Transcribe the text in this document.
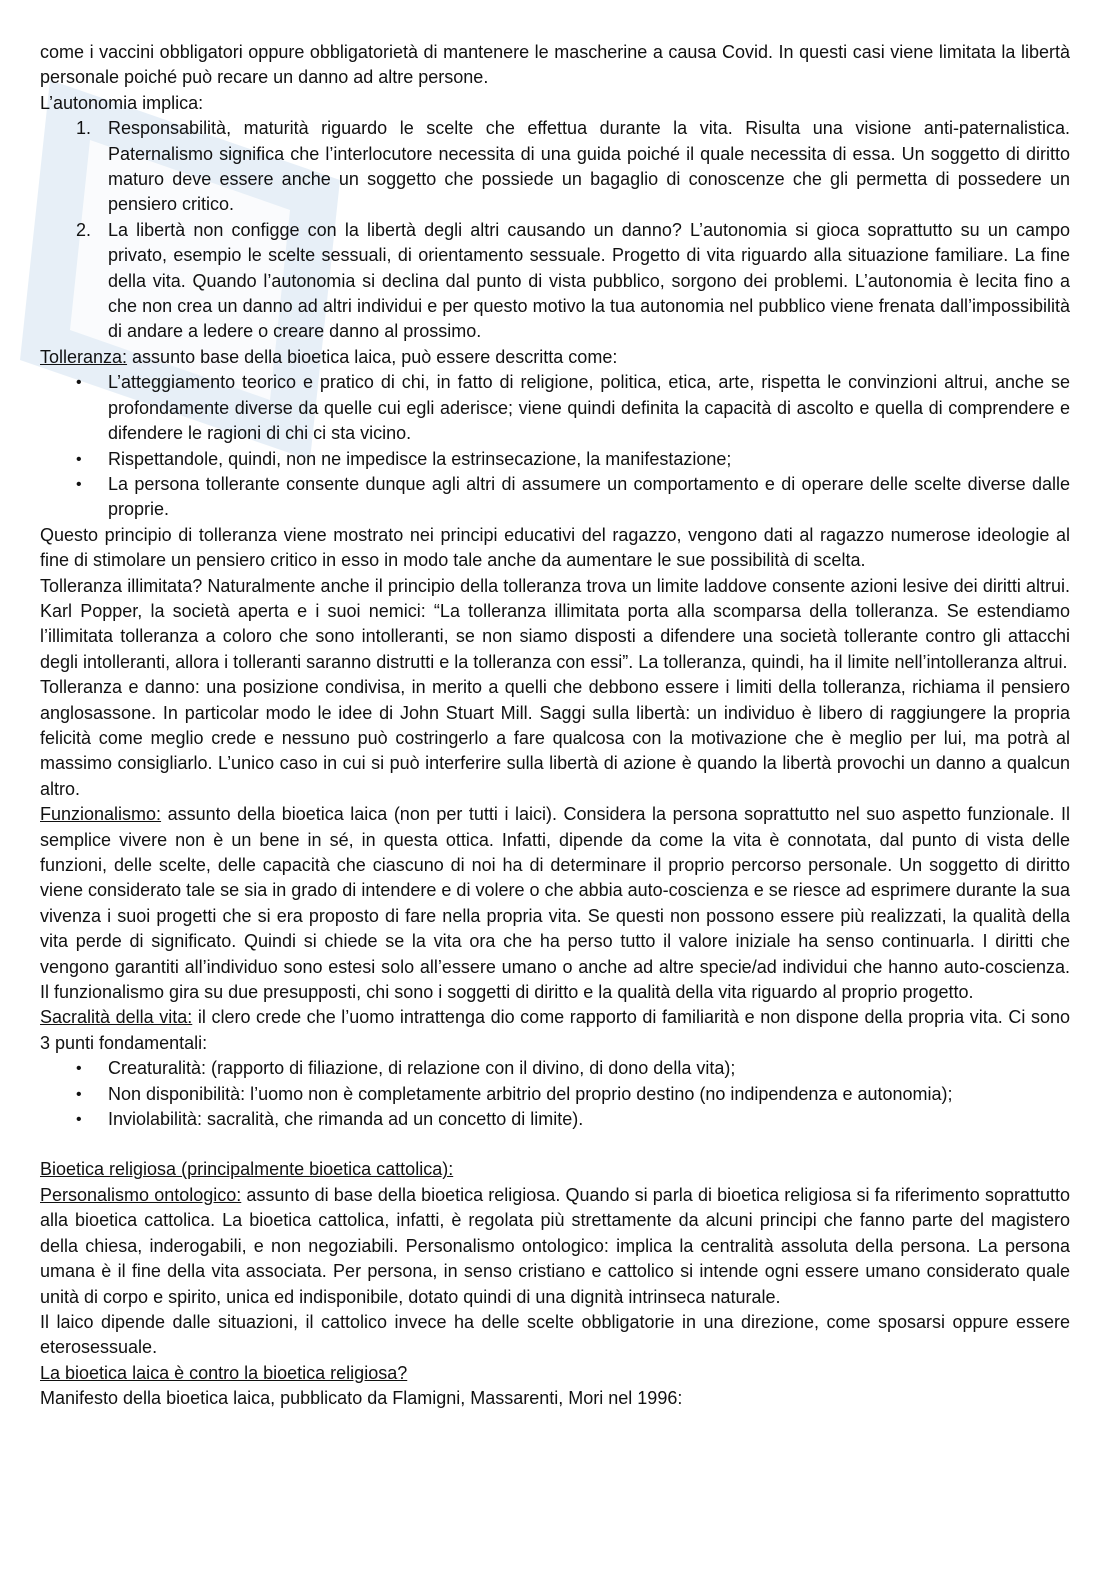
come i vaccini obbligatori oppure obbligatorietà di mantenere le mascherine a causa Covid. In questi casi viene limitata la libertà personale poiché può recare un danno ad altre persone.

L’autonomia implica:

1. Responsabilità, maturità riguardo le scelte che effettua durante la vita. Risulta una visione anti-paternalistica. Paternalismo significa che l’interlocutore necessita di una guida poiché il quale necessita di essa. Un soggetto di diritto maturo deve essere anche un soggetto che possiede un bagaglio di conoscenze che gli permetta di possedere un pensiero critico.
2. La libertà non configge con la libertà degli altri causando un danno? L’autonomia si gioca soprattutto su un campo privato, esempio le scelte sessuali, di orientamento sessuale. Progetto di vita riguardo alla situazione familiare. La fine della vita. Quando l’autonomia si declina dal punto di vista pubblico, sorgono dei problemi. L’autonomia è lecita fino a che non crea un danno ad altri individui e per questo motivo la tua autonomia nel pubblico viene frenata dall’impossibilità di andare a ledere o creare danno al prossimo.

Tolleranza: assunto base della bioetica laica, può essere descritta come:

• L’atteggiamento teorico e pratico di chi, in fatto di religione, politica, etica, arte, rispetta le convinzioni altrui, anche se profondamente diverse da quelle cui egli aderisce; viene quindi definita la capacità di ascolto e quella di comprendere e difendere le ragioni di chi ci sta vicino.
• Rispettandole, quindi, non ne impedisce la estrinsecazione, la manifestazione;
• La persona tollerante consente dunque agli altri di assumere un comportamento e di operare delle scelte diverse dalle proprie.

Questo principio di tolleranza viene mostrato nei principi educativi del ragazzo, vengono dati al ragazzo numerose ideologie al fine di stimolare un pensiero critico in esso in modo tale anche da aumentare le sue possibilità di scelta.

Tolleranza illimitata? Naturalmente anche il principio della tolleranza trova un limite laddove consente azioni lesive dei diritti altrui. Karl Popper, la società aperta e i suoi nemici: “La tolleranza illimitata porta alla scomparsa della tolleranza. Se estendiamo l’illimitata tolleranza a coloro che sono intolleranti, se non siamo disposti a difendere una società tollerante contro gli attacchi degli intolleranti, allora i tolleranti saranno distrutti e la tolleranza con essi”. La tolleranza, quindi, ha il limite nell’intolleranza altrui.

Tolleranza e danno: una posizione condivisa, in merito a quelli che debbono essere i limiti della tolleranza, richiama il pensiero anglosassone. In particolar modo le idee di John Stuart Mill. Saggi sulla libertà: un individuo è libero di raggiungere la propria felicità come meglio crede e nessuno può costringerlo a fare qualcosa con la motivazione che è meglio per lui, ma potrà al massimo consigliarlo. L’unico caso in cui si può interferire sulla libertà di azione è quando la libertà provochi un danno a qualcun altro.

Funzionalismo: assunto della bioetica laica (non per tutti i laici). Considera la persona soprattutto nel suo aspetto funzionale. Il semplice vivere non è un bene in sé, in questa ottica. Infatti, dipende da come la vita è connotata, dal punto di vista delle funzioni, delle scelte, delle capacità che ciascuno di noi ha di determinare il proprio percorso personale. Un soggetto di diritto viene considerato tale se sia in grado di intendere e di volere o che abbia auto-coscienza e se riesce ad esprimere durante la sua vivenza i suoi progetti che si era proposto di fare nella propria vita. Se questi non possono essere più realizzati, la qualità della vita perde di significato. Quindi si chiede se la vita ora che ha perso tutto il valore iniziale ha senso continuarla. I diritti che vengono garantiti all’individuo sono estesi solo all’essere umano o anche ad altre specie/ad individui che hanno auto-coscienza. Il funzionalismo gira su due presupposti, chi sono i soggetti di diritto e la qualità della vita riguardo al proprio progetto.

Sacralità della vita: il clero crede che l’uomo intrattenga dio come rapporto di familiarità e non dispone della propria vita. Ci sono 3 punti fondamentali:

• Creaturalità: (rapporto di filiazione, di relazione con il divino, di dono della vita);
• Non disponibilità: l’uomo non è completamente arbitrio del proprio destino (no indipendenza e autonomia);
• Inviolabilità: sacralità, che rimanda ad un concetto di limite).

Bioetica religiosa (principalmente bioetica cattolica):

Personalismo ontologico: assunto di base della bioetica religiosa. Quando si parla di bioetica religiosa si fa riferimento soprattutto alla bioetica cattolica. La bioetica cattolica, infatti, è regolata più strettamente da alcuni principi che fanno parte del magistero della chiesa, inderogabili, e non negoziabili. Personalismo ontologico: implica la centralità assoluta della persona. La persona umana è il fine della vita associata. Per persona, in senso cristiano e cattolico si intende ogni essere umano considerato quale unità di corpo e spirito, unica ed indisponibile, dotato quindi di una dignità intrinseca naturale.

Il laico dipende dalle situazioni, il cattolico invece ha delle scelte obbligatorie in una direzione, come sposarsi oppure essere eterosessuale.

La bioetica laica è contro la bioetica religiosa?

Manifesto della bioetica laica, pubblicato da Flamigni, Massarenti, Mori nel 1996:
